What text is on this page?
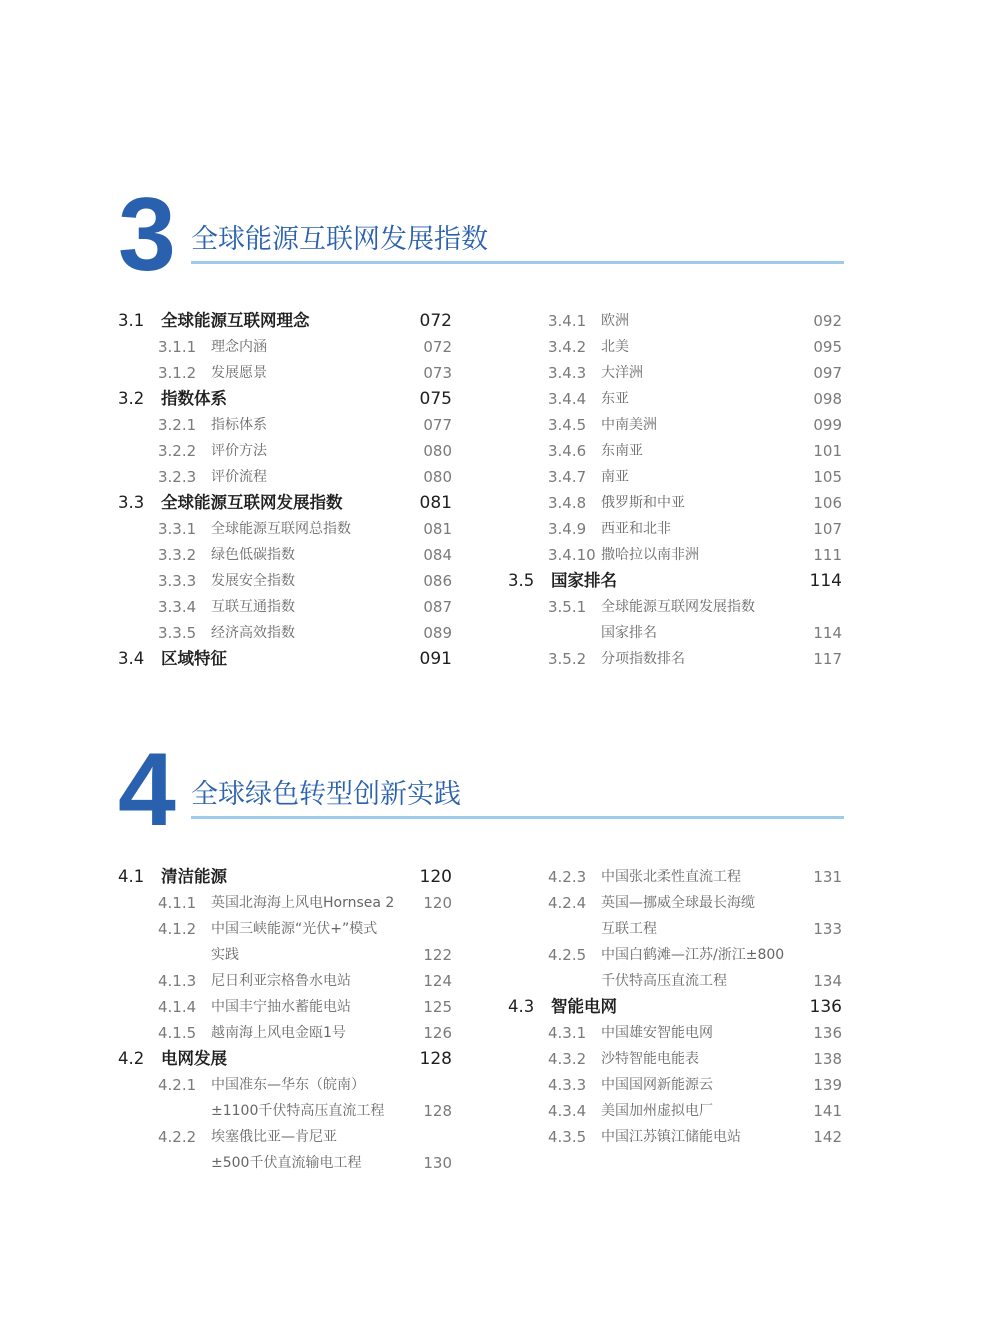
3 全球能源互联网发展指数
3.1 全球能源互联网理念	072
3.1.1 理念内涵	072
3.1.2 发展愿景	073
3.2 指数体系	075
3.2.1 指标体系	077
3.2.2 评价方法	080
3.2.3 评价流程	080
3.3 全球能源互联网发展指数	081
3.3.1 全球能源互联网总指数	081
3.3.2 绿色低碳指数	084
3.3.3 发展安全指数	086
3.3.4 互联互通指数	087
3.3.5 经济高效指数	089
3.4 区域特征	091
3.4.1 欧洲	092
3.4.2 北美	095
3.4.3 大洋洲	097
3.4.4 东亚	098
3.4.5 中南美洲	099
3.4.6 东南亚	101
3.4.7 南亚	105
3.4.8 俄罗斯和中亚	106
3.4.9 西亚和北非	107
3.4.10 撒哈拉以南非洲	111
3.5 国家排名	114
3.5.1 全球能源互联网发展指数
国家排名	114
3.5.2 分项指数排名	117
4 全球绿色转型创新实践
4.1 清洁能源	120
4.1.1 英国北海海上风电Hornsea 2	120
4.1.2 中国三峡能源“光伏+”模式
实践	122
4.1.3 尼日利亚宗格鲁水电站	124
4.1.4 中国丰宁抽水蓄能电站	125
4.1.5 越南海上风电金瓯1号	126
4.2 电网发展	128
4.2.1 中国准东—华东（皖南）
±1100千伏特高压直流工程	128
4.2.2 埃塞俄比亚—肯尼亚
±500千伏直流输电工程	130
4.2.3 中国张北柔性直流工程	131
4.2.4 英国—挪威全球最长海缆
互联工程	133
4.2.5 中国白鹤滩—江苏/浙江±800
千伏特高压直流工程	134
4.3 智能电网	136
4.3.1 中国雄安智能电网	136
4.3.2 沙特智能电能表	138
4.3.3 中国国网新能源云	139
4.3.4 美国加州虚拟电厂	141
4.3.5 中国江苏镇江储能电站	142
